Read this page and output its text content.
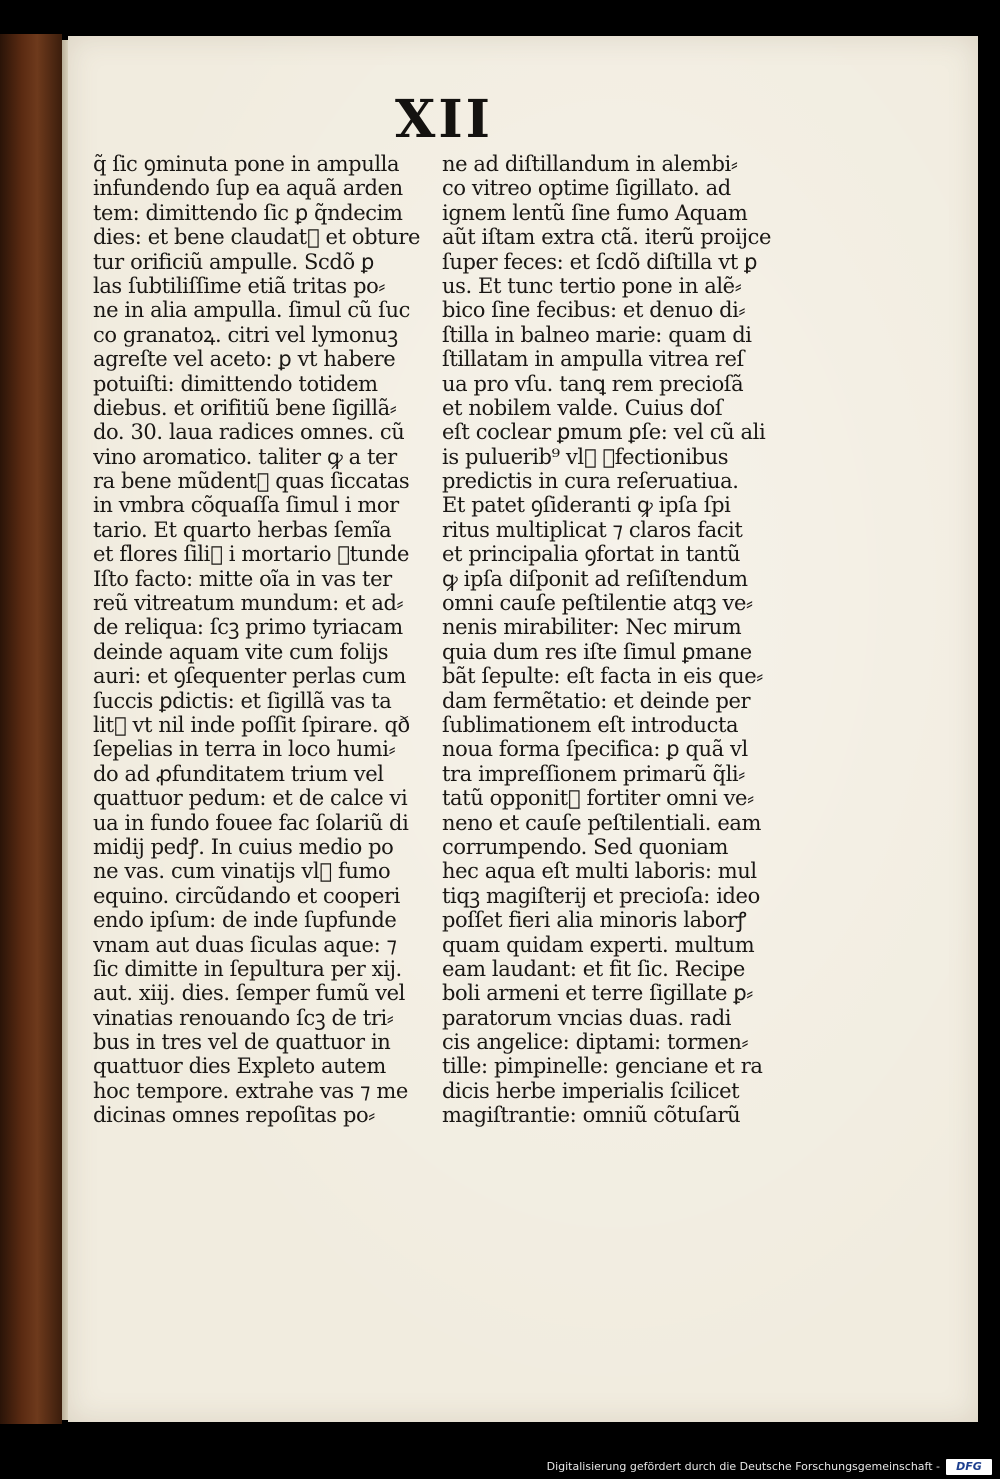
XII
q̃ ſic ꝯminuta pone in ampulla
infundendo ſup ea aquã arden
tem: dimittendo ſic ꝑ q̃ndecim
dies: et bene claudat᷑ et obture
tur orificiũ ampulle. Scdõ ꝑ
las ſubtiliſſime etiã tritas po⸗
ne in alia ampulla. ſimul cũ ſuc
co granatoꝝ. citri vel lymonuꝫ
agreſte vel aceto: ꝑ vt habere
potuiſti: dimittendo totidem
diebus. et orifitiũ bene ſigillã⸗
do. 30. laua radices omnes. cũ
vino aromatico. taliter ꝙ a ter
ra bene mũdent᷑ quas ſiccatas
in vmbra cõquaſſa ſimul i mor
tario. Et quarto herbas ſemĩa
et flores ſili᷑ i mortario ꝯtunde
Iſto facto: mitte oĩa in vas ter
reũ vitreatum mundum: et ad⸗
de reliqua: ſcꝫ primo tyriacam
deinde aquam vite cum folijs
auri: et ꝯſequenter perlas cum
ſuccis ꝑdictis: et ſigillã vas ta
lit᷑ vt nil inde poſſit ſpirare. qð
ſepelias in terra in loco humi⸗
do ad ꝓfunditatem trium vel
quattuor pedum: et de calce vi
ua in fundo fouee fac ſolariũ di
midij pedꝭ. In cuius medio po
ne vas. cum vinatijs vl᷑ fumo
equino. circũdando et cooperi
endo ipſum: de inde ſupfunde
vnam aut duas ſiculas aque: ⁊
ſic dimitte in ſepultura per xij.
aut. xiij. dies. ſemper fumũ vel
vinatias renouando ſcꝫ de tri⸗
bus in tres vel de quattuor in
quattuor dies Expleto autem
hoc tempore. extrahe vas ⁊ me
dicinas omnes repoſitas po⸗
ne ad diſtillandum in alembi⸗
co vitreo optime ſigillato. ad
ignem lentũ ſine fumo Aquam
aũt iſtam extra ctã. iterũ proijce
ſuper feces: et ſcdõ diſtilla vt ꝑ
us. Et tunc tertio pone in alẽ⸗
bico ſine fecibus: et denuo di⸗
ſtilla in balneo marie: quam di
ſtillatam in ampulla vitrea reſ
ua pro vſu. tanꝗ rem precioſã
et nobilem valde. Cuius doſ
eſt coclear ꝑmum ꝑſe: vel cũ ali
is puluerib⁹ vl᷑ ꝯfectionibus
predictis in cura reſeruatiua.
Et patet ꝯſideranti ꝙ ipſa ſpi
ritus multiplicat ⁊ claros facit
et principalia ꝯfortat in tantũ
ꝙ ipſa diſponit ad reſiſtendum
omni cauſe peſtilentie atqꝫ ve⸗
nenis mirabiliter: Nec mirum
quia dum res iſte ſimul ꝑmane
bãt ſepulte: eſt facta in eis que⸗
dam fermẽtatio: et deinde per
ſublimationem eſt introducta
noua forma ſpecifica: ꝑ quã vl
tra impreſſionem primarũ q̃li⸗
tatũ opponit᷑ fortiter omni ve⸗
neno et cauſe peſtilentiali. eam
corrumpendo. Sed quoniam
hec aqua eſt multi laboris: mul
tiqꝫ magiſterij et precioſa: ideo
poſſet fieri alia minoris laborꝭ
quam quidam experti. multum
eam laudant: et fit ſic. Recipe
boli armeni et terre ſigillate ꝑ⸗
paratorum vncias duas. radi
cis angelice: diptami: tormen⸗
tille: pimpinelle: genciane et ra
dicis herbe imperialis ſcilicet
magiſtrantie: omniũ cõtuſarũ
Digitalisierung gefördert durch die Deutsche Forschungsgemeinschaft -	DFG
